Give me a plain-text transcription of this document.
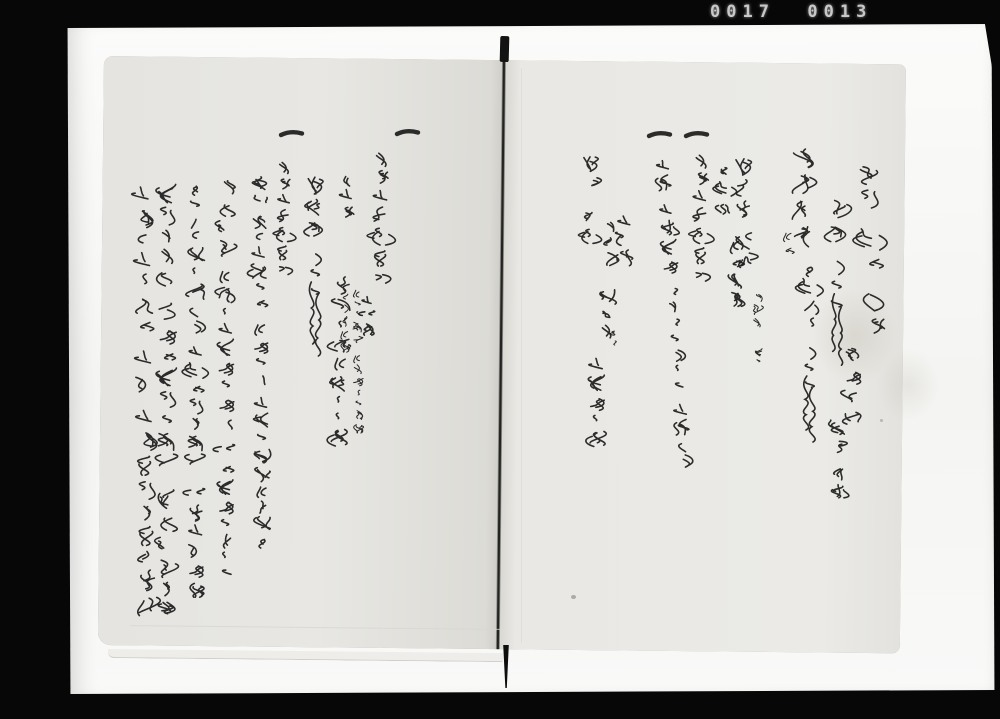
0017  0013
